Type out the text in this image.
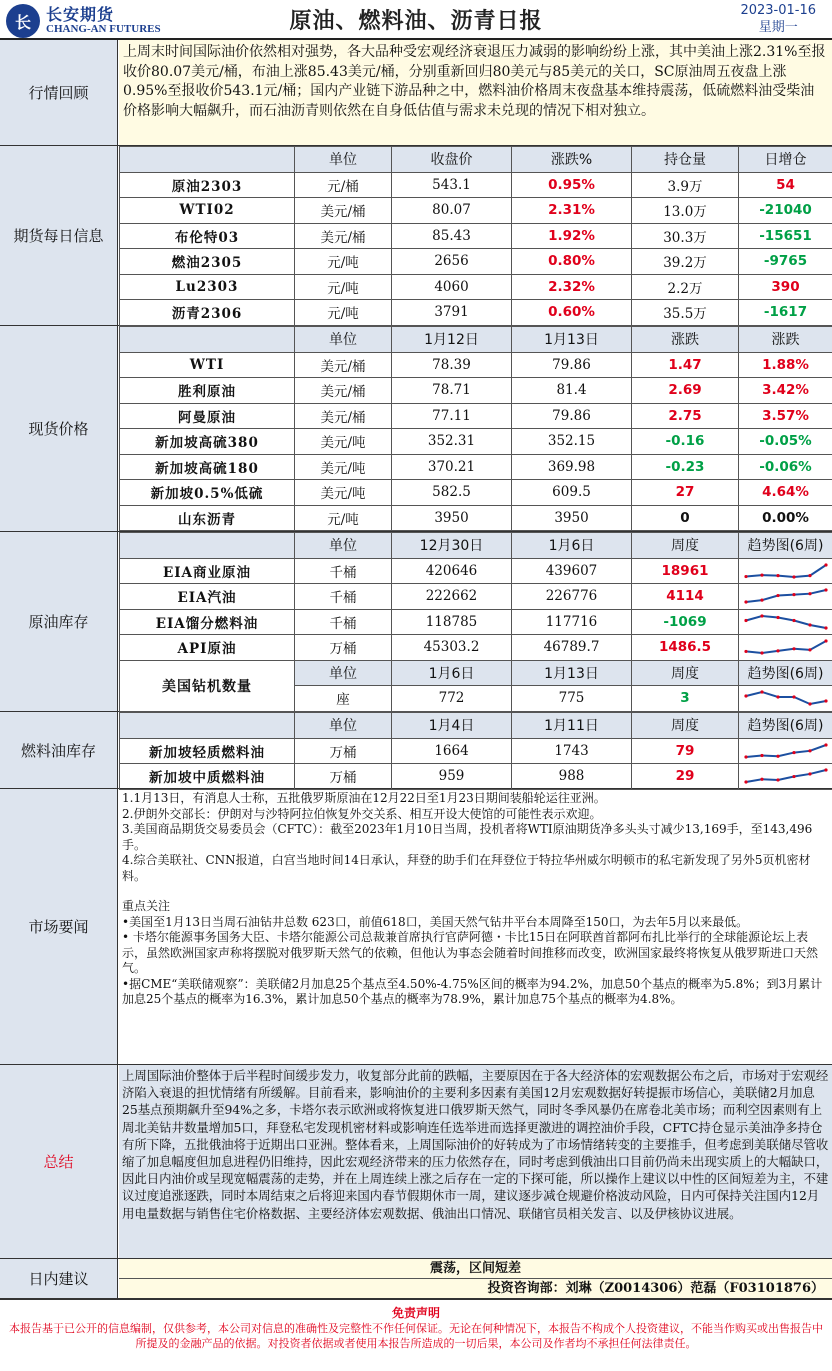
长 长安期货
CHANG-AN FUTURES	原油、燃料油、沥青日报	2023-01-16
星期一
行情回顾
上周末时间国际油价依然相对强势，各大品种受宏观经济衰退压力减弱的影响纷纷上涨，其中美油上涨2.31%至报收价80.07美元/桶，布油上涨85.43美元/桶，分别重新回归80美元与85美元的关口，SC原油周五夜盘上涨0.95%至报收价543.1元/桶；国内产业链下游品种之中，燃料油价格周末夜盘基本维持震荡，低硫燃料油受柴油价格影响大幅飙升，而石油沥青则依然在自身低估值与需求未兑现的情况下相对独立。
期货每日信息
	单位	收盘价	涨跌%	持仓量	日增仓
原油2303	元/桶	543.1	0.95%	3.9万	54
WTI02	美元/桶	80.07	2.31%	13.0万	-21040
布伦特03	美元/桶	85.43	1.92%	30.3万	-15651
燃油2305	元/吨	2656	0.80%	39.2万	-9765
Lu2303	元/吨	4060	2.32%	2.2万	390
沥青2306	元/吨	3791	0.60%	35.5万	-1617
现货价格
	单位	1月12日	1月13日	涨跌	涨跌
WTI	美元/桶	78.39	79.86	1.47	1.88%
胜利原油	美元/桶	78.71	81.4	2.69	3.42%
阿曼原油	美元/桶	77.11	79.86	2.75	3.57%
新加坡高硫380	美元/吨	352.31	352.15	-0.16	-0.05%
新加坡高硫180	美元/吨	370.21	369.98	-0.23	-0.06%
新加坡0.5%低硫	美元/吨	582.5	609.5	27	4.64%
山东沥青	元/吨	3950	3950	0	0.00%
原油库存
	单位	12月30日	1月6日	周度	趋势图(6周)
EIA商业原油	千桶	420646	439607	18961	

EIA汽油	千桶	222662	226776	4114	

EIA馏分燃料油	千桶	118785	117716	-1069	

API原油	万桶	45303.2	46789.7	1486.5	

美国钻机数量	单位	1月6日	1月13日	周度	趋势图(6周)
	座	772	775	3	
燃料油库存
	单位	1月4日	1月11日	周度	趋势图(6周)
新加坡轻质燃料油	万桶	1664	1743	79	

新加坡中质燃料油	万桶	959	988	29	
市场要闻
1.1月13日，有消息人士称，五批俄罗斯原油在12月22日至1月23日期间装船轮运往亚洲。
2.伊朗外交部长：伊朗对与沙特阿拉伯恢复外交关系、相互开设大使馆的可能性表示欢迎。
3.美国商品期货交易委员会（CFTC）：截至2023年1月10日当周，投机者将WTI原油期货净多头头寸减少13,169手，至143,496手。
4.综合美联社、CNN报道，白宫当地时间14日承认，拜登的助手们在拜登位于特拉华州威尔明顿市的私宅新发现了另外5页机密材料。
重点关注
•美国至1月13日当周石油钻井总数 623口，前值618口，美国天然气钻井平台本周降至150口，为去年5月以来最低。
• 卡塔尔能源事务国务大臣、卡塔尔能源公司总裁兼首席执行官萨阿德・卡比15日在阿联酋首都阿布扎比举行的全球能源论坛上表示，虽然欧洲国家声称将摆脱对俄罗斯天然气的依赖，但他认为事态会随着时间推移而改变，欧洲国家最终将恢复从俄罗斯进口天然气。
•据CME“美联储观察”：美联储2月加息25个基点至4.50%-4.75%区间的概率为94.2%，加息50个基点的概率为5.8%；到3月累计加息25个基点的概率为16.3%，累计加息50个基点的概率为78.9%，累计加息75个基点的概率为4.8%。
总结
上周国际油价整体于后半程时间缓步发力，收复部分此前的跌幅，主要原因在于各大经济体的宏观数据公布之后，市场对于宏观经济陷入衰退的担忧情绪有所缓解。目前看来，影响油价的主要利多因素有美国12月宏观数据好转提振市场信心，美联储2月加息25基点预期飙升至94%之多，卡塔尔表示欧洲或将恢复进口俄罗斯天然气，同时冬季风暴仍在席卷北美市场；而利空因素则有上周北美钻井数量增加5口，拜登私宅发现机密材料或影响连任选举进而选择更激进的调控油价手段，CFTC持仓显示美油净多持仓有所下降，五批俄油将于近期出口亚洲。整体看来，上周国际油价的好转成为了市场情绪转变的主要推手，但考虑到美联储尽管收缩了加息幅度但加息进程仍旧维持，因此宏观经济带来的压力依然存在，同时考虑到俄油出口目前仍尚未出现实质上的大幅缺口，因此日内油价或呈现宽幅震荡的走势，并在上周连续上涨之后存在一定的下探可能，所以操作上建议以中性的区间短差为主，不建议过度追涨逐跌，同时本周结束之后将迎来国内春节假期休市一周，建议逐步减仓规避价格波动风险，日内可保持关注国内12月用电量数据与销售住宅价格数据、主要经济体宏观数据、俄油出口情况、联储官员相关发言、以及伊核协议进展。
日内建议
震荡，区间短差
投资咨询部：刘琳（Z0014306）范磊（F03101876）
免责声明
本报告基于已公开的信息编制，仅供参考，本公司对信息的准确性及完整性不作任何保证。无论在何种情况下，本报告不构成个人投资建议，不能当作购买或出售报告中所提及的金融产品的依据。对投资者依据或者使用本报告所造成的一切后果，本公司及作者均不承担任何法律责任。
